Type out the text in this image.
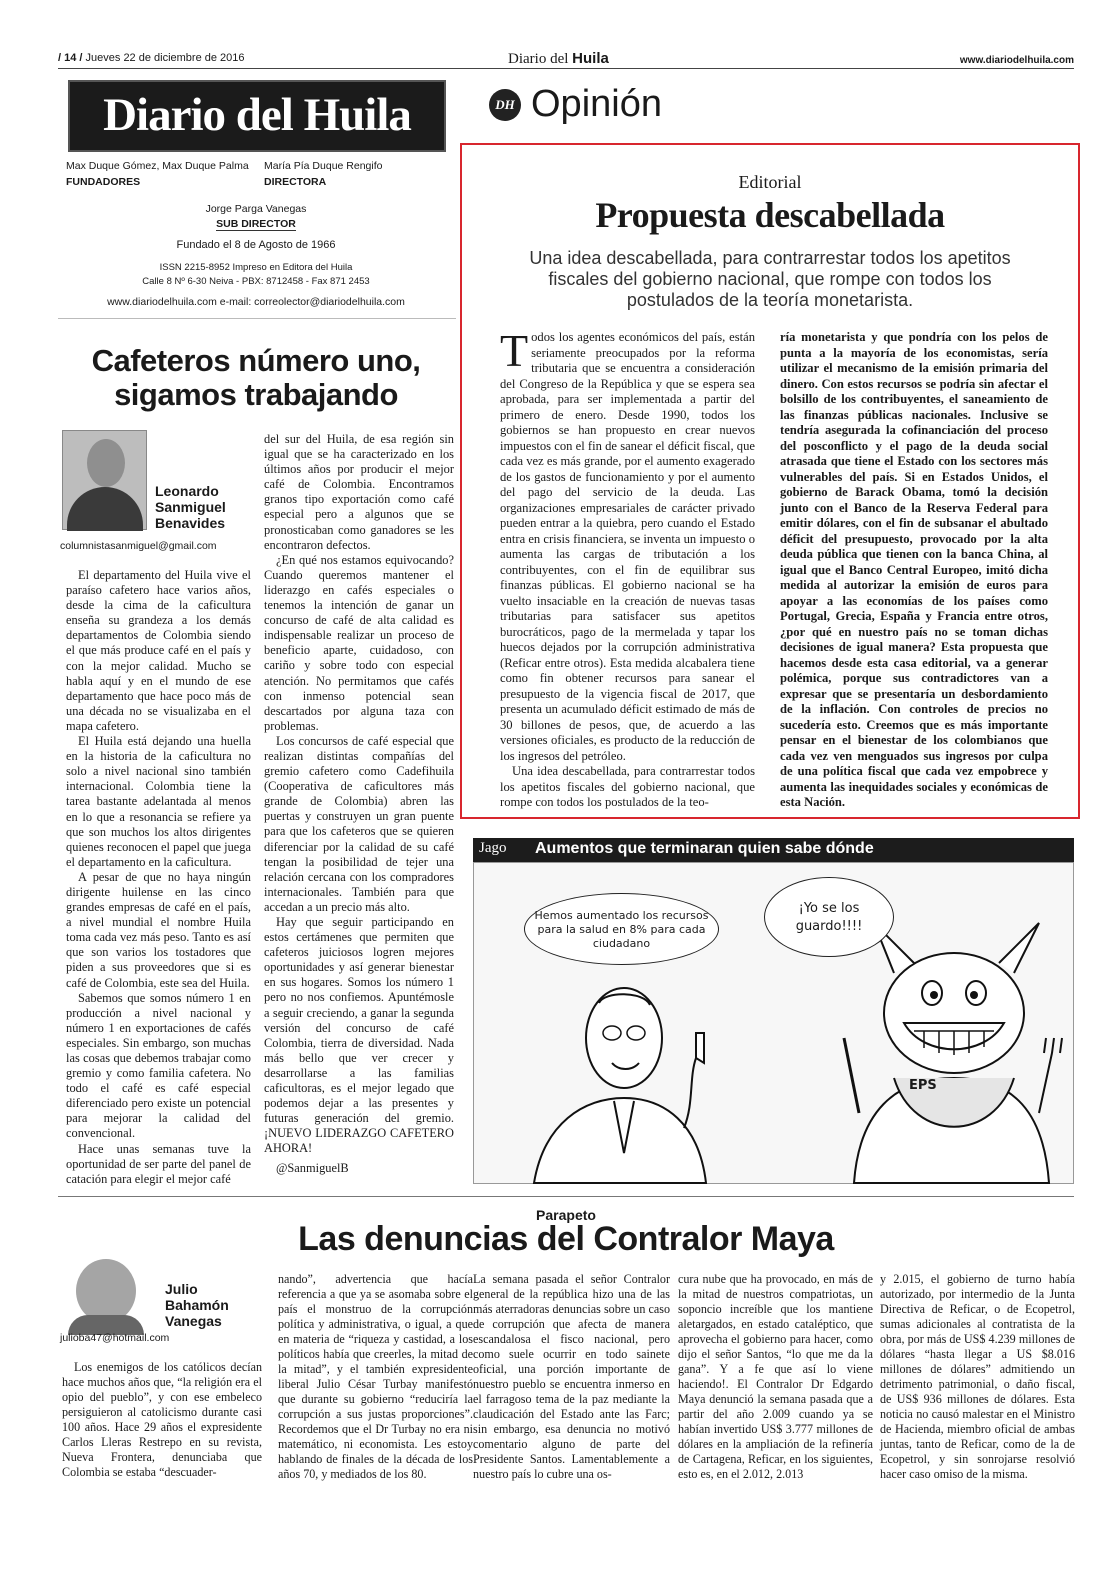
/ 14 / Jueves 22 de diciembre de 2016	Diario del Huila	www.diariodelhuila.com
Diario del Huila
Max Duque Gómez, Max Duque Palma
FUNDADORES
María Pía Duque Rengifo
DIRECTORA
Jorge Parga Vanegas
SUB DIRECTOR
Fundado el 8 de Agosto de 1966
ISSN 2215-8952 Impreso en Editora del Huila
Calle 8 Nº 6-30 Neiva - PBX: 8712458 - Fax 871 2453
www.diariodelhuila.com e-mail: correolector@diariodelhuila.com
DH Opinión
Editorial
Propuesta descabellada
Una idea descabellada, para contrarrestar todos los apetitos fiscales del gobierno nacional, que rompe con todos los postulados de la teoría monetarista.

Todos los agentes económicos del país, están seriamente preocupados por la reforma tributaria que se encuentra a consideración del Congreso de la República y que se espera sea aprobada, para ser implementada a partir del primero de enero. Desde 1990, todos los gobiernos se han propuesto en crear nuevos impuestos con el fin de sanear el déficit fiscal, que cada vez es más grande, por el aumento exagerado de los gastos de funcionamiento y por el aumento del pago del servicio de la deuda. Las organizaciones empresariales de carácter privado pueden entrar a la quiebra, pero cuando el Estado entra en crisis financiera, se inventa un impuesto o aumenta las cargas de tributación a los contribuyentes, con el fin de equilibrar sus finanzas públicas. El gobierno nacional se ha vuelto insaciable en la creación de nuevas tasas tributarias para satisfacer sus apetitos burocráticos, pago de la mermelada y tapar los huecos dejados por la corrupción administrativa (Reficar entre otros). Esta medida alcabalera tiene como fin obtener recursos para sanear el presupuesto de la vigencia fiscal de 2017, que presenta un acumulado déficit estimado de más de 30 billones de pesos, que, de acuerdo a las versiones oficiales, es producto de la reducción de los ingresos del petróleo.

Una idea descabellada, para contrarrestar todos los apetitos fiscales del gobierno nacional, que rompe con todos los postulados de la teo-

ría monetarista y que pondría con los pelos de punta a la mayoría de los economistas, sería utilizar el mecanismo de la emisión primaria del dinero. Con estos recursos se podría sin afectar el bolsillo de los contribuyentes, el saneamiento de las finanzas públicas nacionales. Inclusive se tendría asegurada la cofinanciación del proceso del posconflicto y el pago de la deuda social atrasada que tiene el Estado con los sectores más vulnerables del país. Si en Estados Unidos, el gobierno de Barack Obama, tomó la decisión junto con el Banco de la Reserva Federal para emitir dólares, con el fin de subsanar el abultado déficit del presupuesto, provocado por la alta deuda pública que tienen con la banca China, al igual que el Banco Central Europeo, imitó dicha medida al autorizar la emisión de euros para apoyar a las economías de los países como Portugal, Grecia, España y Francia entre otros, ¿por qué en nuestro país no se toman dichas decisiones de igual manera? Esta propuesta que hacemos desde esta casa editorial, va a generar polémica, porque sus contradictores van a expresar que se presentaría un desbordamiento de la inflación. Con controles de precios no sucedería esto. Creemos que es más importante pensar en el bienestar de los colombianos que cada vez ven menguados sus ingresos por culpa de una política fiscal que cada vez empobrece y aumenta las inequidades sociales y económicas de esta Nación.
Cafeteros número uno, sigamos trabajando
Leonardo
Sanmiguel
Benavides
columnistasanmiguel@gmail.com

El departamento del Huila vive el paraíso cafetero hace varios años, desde la cima de la caficultura enseña su grandeza a los demás departamentos de Colombia siendo el que más produce café en el país y con la mejor calidad. Mucho se habla aquí y en el mundo de ese departamento que hace poco más de una década no se visualizaba en el mapa cafetero.

El Huila está dejando una huella en la historia de la caficultura no solo a nivel nacional sino también internacional. Colombia tiene la tarea bastante adelantada al menos en lo que a resonancia se refiere ya que son muchos los altos dirigentes quienes reconocen el papel que juega el departamento en la caficultura.

A pesar de que no haya ningún dirigente huilense en las cinco grandes empresas de café en el país, a nivel mundial el nombre Huila toma cada vez más peso. Tanto es así que son varios los tostadores que piden a sus proveedores que si es café de Colombia, este sea del Huila.

Sabemos que somos número 1 en producción a nivel nacional y número 1 en exportaciones de cafés especiales. Sin embargo, son muchas las cosas que debemos trabajar como gremio y como familia cafetera. No todo el café es café especial diferenciado pero existe un potencial para mejorar la calidad del convencional.

Hace unas semanas tuve la oportunidad de ser parte del panel de catación para elegir el mejor café

del sur del Huila, de esa región sin igual que se ha caracterizado en los últimos años por producir el mejor café de Colombia. Encontramos granos tipo exportación como café especial pero a algunos que se pronosticaban como ganadores se les encontraron defectos.

¿En qué nos estamos equivocando? Cuando queremos mantener el liderazgo en cafés especiales o tenemos la intención de ganar un concurso de café de alta calidad es indispensable realizar un proceso de beneficio aparte, cuidadoso, con cariño y sobre todo con especial atención. No permitamos que cafés con inmenso potencial sean descartados por alguna taza con problemas.

Los concursos de café especial que realizan distintas compañías del gremio cafetero como Cadefihuila (Cooperativa de caficultores más grande de Colombia) abren las puertas y construyen un gran puente para que los cafeteros que se quieren diferenciar por la calidad de su café tengan la posibilidad de tejer una relación cercana con los compradores internacionales. También para que accedan a un precio más alto.

Hay que seguir participando en estos certámenes que permiten que cafeteros juiciosos logren mejores oportunidades y así generar bienestar en sus hogares. Somos los número 1 pero no nos confiemos. Apuntémosle a seguir creciendo, a ganar la segunda versión del concurso de café Colombia, tierra de diversidad. Nada más bello que ver crecer y desarrollarse a las familias caficultoras, es el mejor legado que podemos dejar a las presentes y futuras generación del gremio. ¡NUEVO LIDERAZGO CAFETERO AHORA!

@SanmiguelB

Jago Aumentos que terminaran quien sabe dónde
Hemos aumentado los recursos para la salud en 8% para cada ciudadano
¡Yo se los guardo!!!!
EPS
Parapeto
Las denuncias del Contralor Maya
Julio
Bahamón
Vanegas
julioba47@hotmail.com

Los enemigos de los católicos decían hace muchos años que, “la religión era el opio del pueblo”, y con ese embeleco persiguieron al catolicismo durante casi 100 años. Hace 29 años el expresidente Carlos Lleras Restrepo en su revista, Nueva Frontera, denunciaba que Colombia se estaba “descuader-

nando”, advertencia que hacía referencia a que ya se asomaba sobre el país el monstruo de la corrupción política y administrativa, o igual, a que en materia de “riqueza y castidad, a los políticos había que creerles, la mitad de la mitad”, y el también expresidente liberal Julio César Turbay manifestó que durante su gobierno “reduciría la corrupción a sus justas proporciones”. Recordemos que el Dr Turbay no era ni matemático, ni economista. Les estoy hablando de finales de la década de los años 70, y mediados de los 80.

La semana pasada el señor Contralor general de la república hizo una de las más aterradoras denuncias sobre un caso de corrupción que afecta de manera escandalosa el fisco nacional, pero como suele ocurrir en todo sainete oficial, una porción importante de nuestro pueblo se encuentra inmerso en el farragoso tema de la paz mediante la claudicación del Estado ante las Farc; sin embargo, esa denuncia no motivó comentario alguno de parte del Presidente Santos. Lamentablemente a nuestro país lo cubre una os-

cura nube que ha provocado, en más de la mitad de nuestros compatriotas, un soponcio increíble que los mantiene aletargados, en estado cataléptico, que aprovecha el gobierno para hacer, como dijo el señor Santos, “lo que me da la gana”. Y a fe que así lo viene haciendo!. El Contralor Dr Edgardo Maya denunció la semana pasada que a partir del año 2.009 cuando ya se habían invertido US$ 3.777 millones de dólares en la ampliación de la refinería de Cartagena, Reficar, en los siguientes, esto es, en el 2.012, 2.013

y 2.015, el gobierno de turno había autorizado, por intermedio de la Junta Directiva de Reficar, o de Ecopetrol, sumas adicionales al contratista de la obra, por más de US$ 4.239 millones de dólares “hasta llegar a US $8.016 millones de dólares” admitiendo un detrimento patrimonial, o daño fiscal, de US$ 936 millones de dólares. Esta noticia no causó malestar en el Ministro de Hacienda, miembro oficial de ambas juntas, tanto de Reficar, como de la de Ecopetrol, y sin sonrojarse resolvió hacer caso omiso de la misma.
